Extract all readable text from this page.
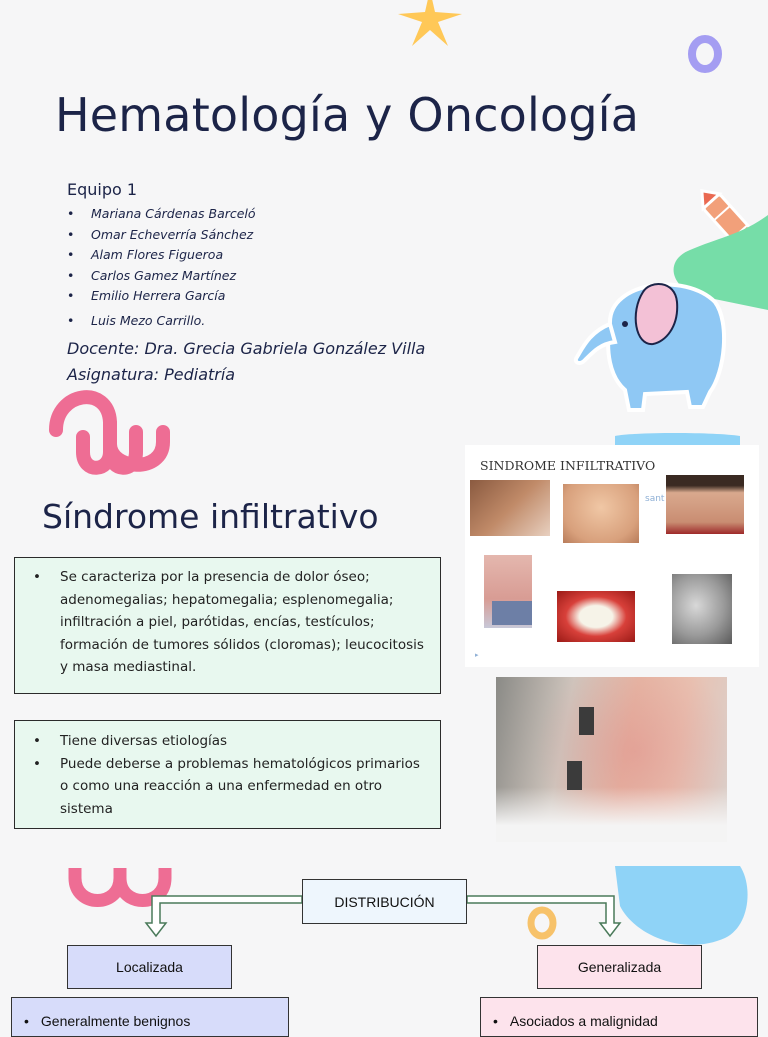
Hematología y Oncología
Equipo 1
• Mariana Cárdenas Barceló
• Omar Echeverría Sánchez
• Alam Flores Figueroa
• Carlos Gamez Martínez
• Emilio Herrera García
• Luis Mezo Carrillo.
Docente: Dra. Grecia Gabriela González Villa
Asignatura: Pediatría
Síndrome infiltrativo
• Se caracteriza por la presencia de dolor óseo; adenomegalias; hepatomegalia; esplenomegalia; infiltración a piel, parótidas, encías, testículos; formación de tumores sólidos (cloromas); leucocitosis y masa mediastinal.
• Tiene diversas etiologías
• Puede deberse a problemas hematológicos primarios o como una reacción a una enfermedad en otro sistema
SINDROME INFILTRATIVO
sant
▸
DISTRIBUCIÓN
Localizada	Generalizada
• Generalmente benignos
•	Asociados a malignidad
